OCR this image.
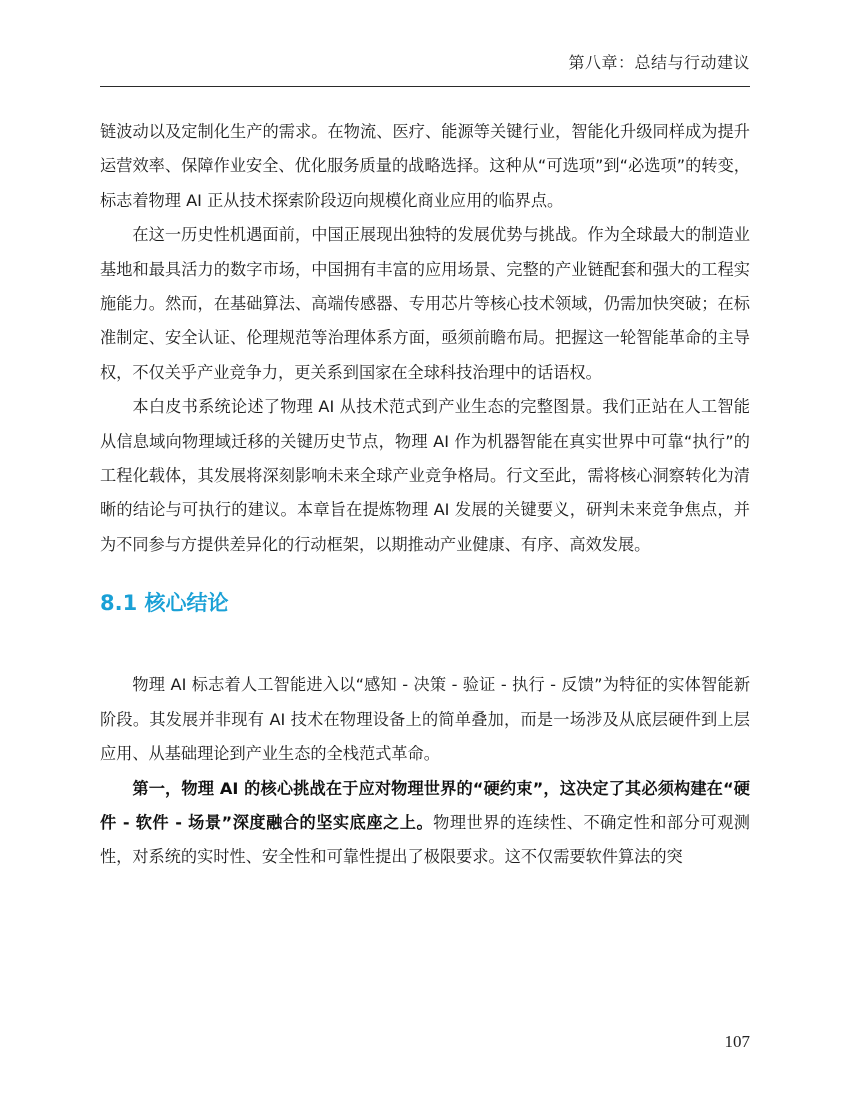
第八章：总结与行动建议

链波动以及定制化生产的需求。在物流、医疗、能源等关键行业，智能化升级同样成为提升运营效率、保障作业安全、优化服务质量的战略选择。这种从“可选项”到“必选项”的转变，标志着物理 AI 正从技术探索阶段迈向规模化商业应用的临界点。

在这一历史性机遇面前，中国正展现出独特的发展优势与挑战。作为全球最大的制造业基地和最具活力的数字市场，中国拥有丰富的应用场景、完整的产业链配套和强大的工程实施能力。然而，在基础算法、高端传感器、专用芯片等核心技术领域，仍需加快突破；在标准制定、安全认证、伦理规范等治理体系方面，亟须前瞻布局。把握这一轮智能革命的主导权，不仅关乎产业竞争力，更关系到国家在全球科技治理中的话语权。

本白皮书系统论述了物理 AI 从技术范式到产业生态的完整图景。我们正站在人工智能从信息域向物理域迁移的关键历史节点，物理 AI 作为机器智能在真实世界中可靠“执行”的工程化载体，其发展将深刻影响未来全球产业竞争格局。行文至此，需将核心洞察转化为清晰的结论与可执行的建议。本章旨在提炼物理 AI 发展的关键要义，研判未来竞争焦点，并为不同参与方提供差异化的行动框架，以期推动产业健康、有序、高效发展。

8.1 核心结论

物理 AI 标志着人工智能进入以“感知 - 决策 - 验证 - 执行 - 反馈”为特征的实体智能新阶段。其发展并非现有 AI 技术在物理设备上的简单叠加，而是一场涉及从底层硬件到上层应用、从基础理论到产业生态的全栈范式革命。

第一，物理 AI 的核心挑战在于应对物理世界的“硬约束”，这决定了其必须构建在“硬件 - 软件 - 场景”深度融合的坚实底座之上。物理世界的连续性、不确定性和部分可观测性，对系统的实时性、安全性和可靠性提出了极限要求。这不仅需要软件算法的突

107
